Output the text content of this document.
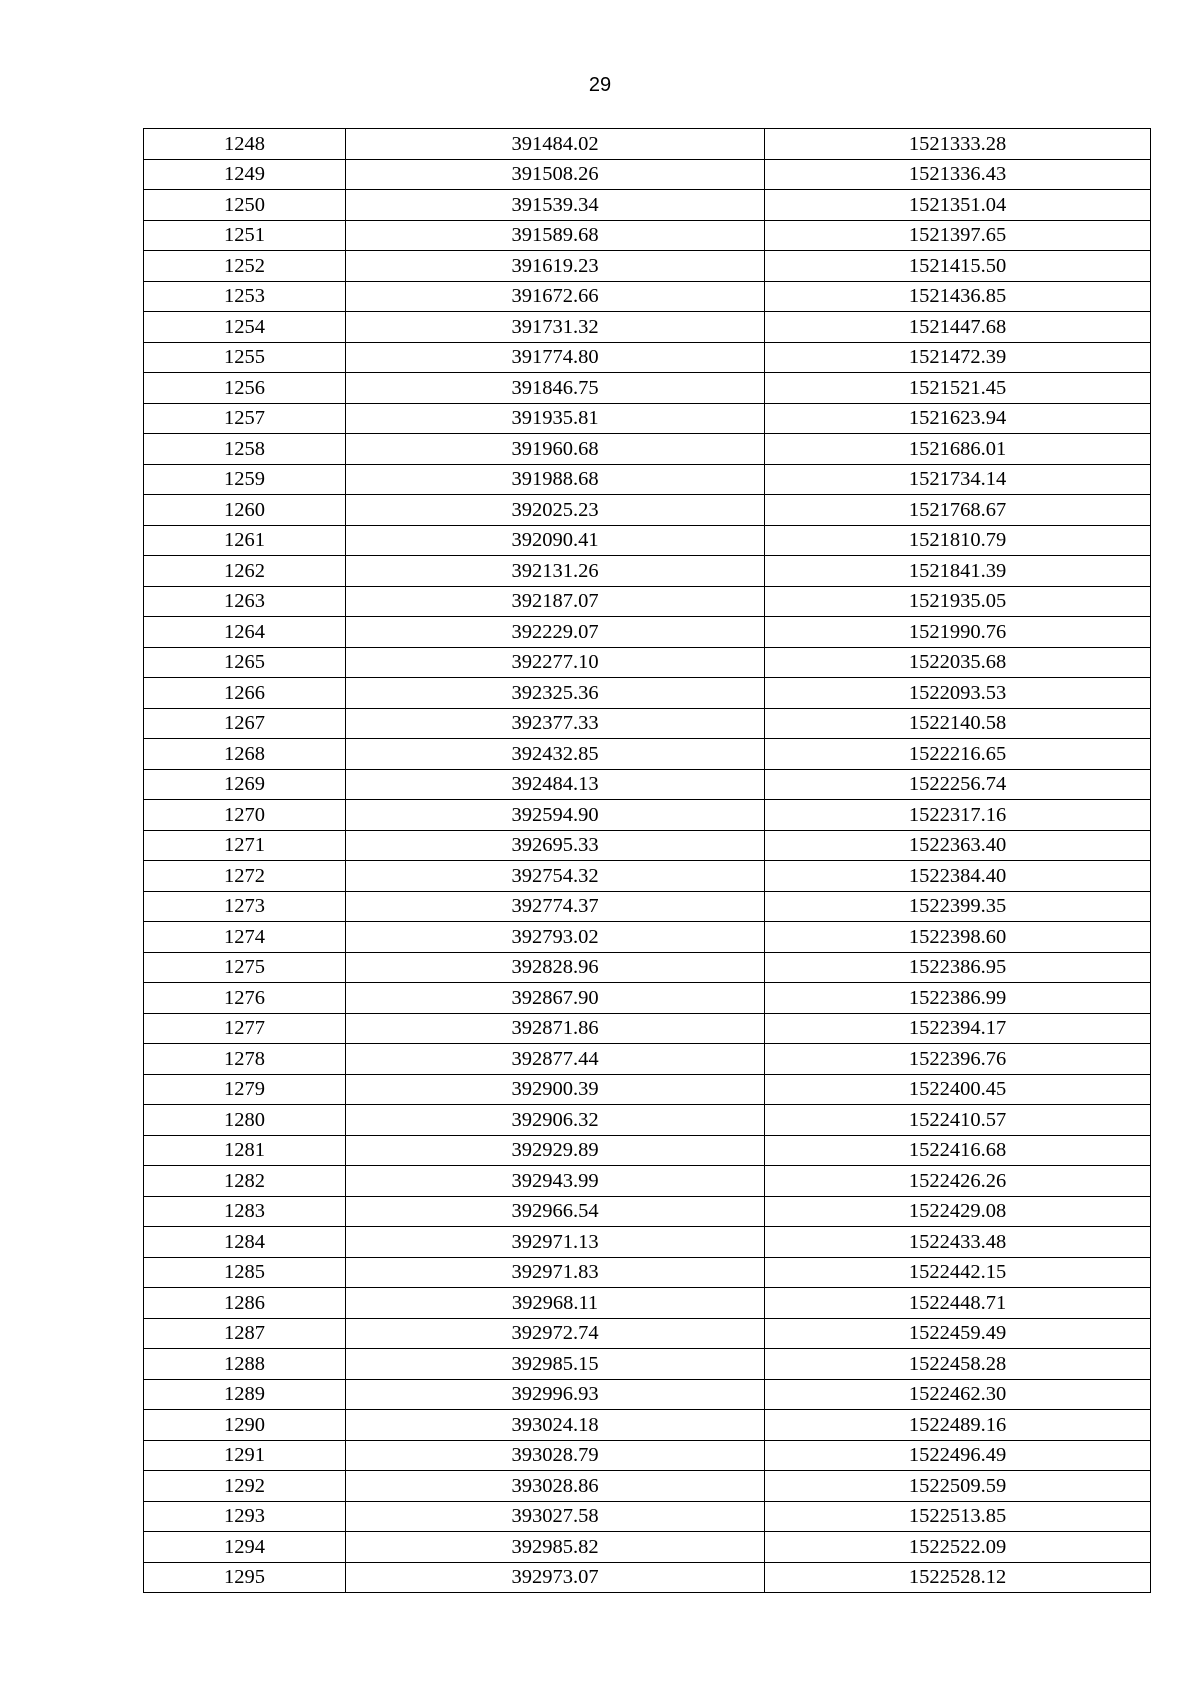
29
1248	391484.02	1521333.28
1249	391508.26	1521336.43
1250	391539.34	1521351.04
1251	391589.68	1521397.65
1252	391619.23	1521415.50
1253	391672.66	1521436.85
1254	391731.32	1521447.68
1255	391774.80	1521472.39
1256	391846.75	1521521.45
1257	391935.81	1521623.94
1258	391960.68	1521686.01
1259	391988.68	1521734.14
1260	392025.23	1521768.67
1261	392090.41	1521810.79
1262	392131.26	1521841.39
1263	392187.07	1521935.05
1264	392229.07	1521990.76
1265	392277.10	1522035.68
1266	392325.36	1522093.53
1267	392377.33	1522140.58
1268	392432.85	1522216.65
1269	392484.13	1522256.74
1270	392594.90	1522317.16
1271	392695.33	1522363.40
1272	392754.32	1522384.40
1273	392774.37	1522399.35
1274	392793.02	1522398.60
1275	392828.96	1522386.95
1276	392867.90	1522386.99
1277	392871.86	1522394.17
1278	392877.44	1522396.76
1279	392900.39	1522400.45
1280	392906.32	1522410.57
1281	392929.89	1522416.68
1282	392943.99	1522426.26
1283	392966.54	1522429.08
1284	392971.13	1522433.48
1285	392971.83	1522442.15
1286	392968.11	1522448.71
1287	392972.74	1522459.49
1288	392985.15	1522458.28
1289	392996.93	1522462.30
1290	393024.18	1522489.16
1291	393028.79	1522496.49
1292	393028.86	1522509.59
1293	393027.58	1522513.85
1294	392985.82	1522522.09
1295	392973.07	1522528.12
